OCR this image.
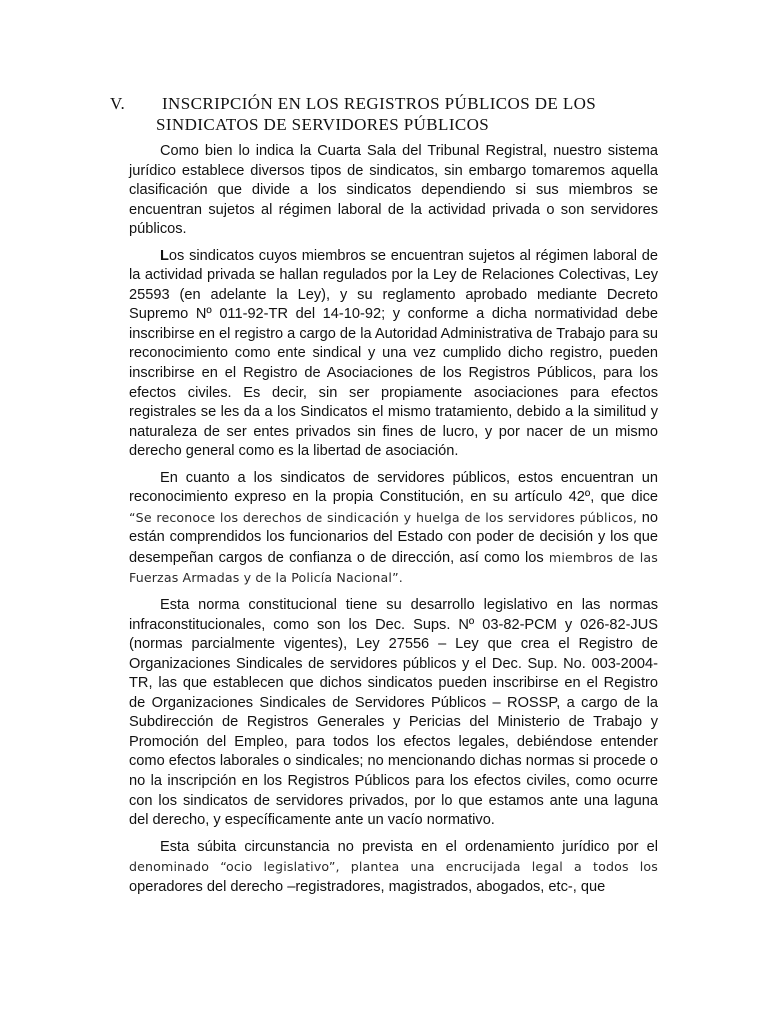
V. INSCRIPCIÓN EN LOS REGISTROS PÚBLICOS DE LOS
SINDICATOS DE SERVIDORES PÚBLICOS

Como bien lo indica la Cuarta Sala del Tribunal Registral, nuestro sistema jurídico establece diversos tipos de sindicatos, sin embargo tomaremos aquella clasificación que divide a los sindicatos dependiendo si sus miembros se encuentran sujetos al régimen laboral de la actividad privada o son servidores públicos.

Los sindicatos cuyos miembros se encuentran sujetos al régimen laboral de la actividad privada se hallan regulados por la Ley de Relaciones Colectivas, Ley 25593 (en adelante la Ley), y su reglamento aprobado mediante Decreto Supremo Nº 011-92-TR del 14-10-92; y conforme a dicha normatividad debe inscribirse en el registro a cargo de la Autoridad Administrativa de Trabajo para su reconocimiento como ente sindical y una vez cumplido dicho registro, pueden inscribirse en el Registro de Asociaciones de los Registros Públicos, para los efectos civiles. Es decir, sin ser propiamente asociaciones para efectos registrales se les da a los Sindicatos el mismo tratamiento, debido a la similitud y naturaleza de ser entes privados sin fines de lucro, y por nacer de un mismo derecho general como es la libertad de asociación.

En cuanto a los sindicatos de servidores públicos, estos encuentran un reconocimiento expreso en la propia Constitución, en su artículo 42º, que dice “Se reconoce los derechos de sindicación y huelga de los servidores públicos, no están comprendidos los funcionarios del Estado con poder de decisión y los que desempeñan cargos de confianza o de dirección, así como los miembros de las Fuerzas Armadas y de la Policía Nacional”.

Esta norma constitucional tiene su desarrollo legislativo en las normas infraconstitucionales, como son los Dec. Sups. Nº 03-82-PCM y 026-82-JUS (normas parcialmente vigentes), Ley 27556 – Ley que crea el Registro de Organizaciones Sindicales de servidores públicos y el Dec. Sup. No. 003-2004-TR, las que establecen que dichos sindicatos pueden inscribirse en el Registro de Organizaciones Sindicales de Servidores Públicos – ROSSP, a cargo de la Subdirección de Registros Generales y Pericias del Ministerio de Trabajo y Promoción del Empleo, para todos los efectos legales, debiéndose entender como efectos laborales o sindicales; no mencionando dichas normas si procede o no la inscripción en los Registros Públicos para los efectos civiles, como ocurre con los sindicatos de servidores privados, por lo que estamos ante una laguna del derecho, y específicamente ante un vacío normativo.

Esta súbita circunstancia no prevista en el ordenamiento jurídico por el denominado “ocio legislativo”, plantea una encrucijada legal a todos los operadores del derecho –registradores, magistrados, abogados, etc-, que
